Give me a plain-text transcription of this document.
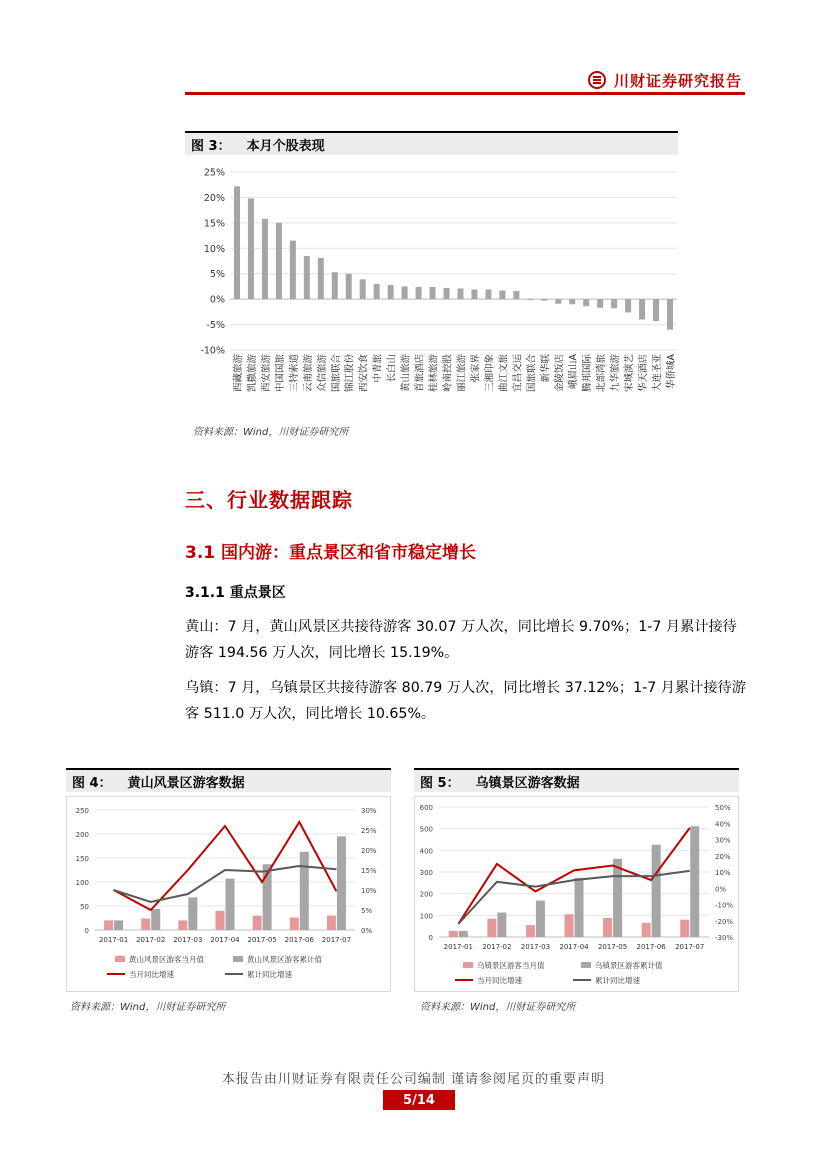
川财证券研究报告
图 3： 本月个股表现
25%
20%
15%
10%
5%
0%
-5%
-10%
西藏旅游 凯撒旅游 西安旅游 中国国旅 三特索道 云南旅游 众信旅游 国旅联合 锦江股份 西安饮食 中青旅 长白山 黄山旅游 首旅酒店 桂林旅游 岭南控股 丽江旅游 张家界 三湘印象 曲江文旅 宜昌交运 国旅联合 新华联 金陵饭店 峨眉山A 腾邦国际 北部湾旅 九华旅游 宋城演艺 华天酒店 大连圣亚 华侨城A
资料来源：Wind，川财证券研究所
三、行业数据跟踪
3.1 国内游：重点景区和省市稳定增长
3.1.1 重点景区
黄山：7 月，黄山风景区共接待游客 30.07 万人次，同比增长 9.70%；1-7 月累计接待游客 194.56 万人次，同比增长 15.19%。
乌镇：7 月，乌镇景区共接待游客 80.79 万人次，同比增长 37.12%；1-7 月累计接待游客 511.0 万人次，同比增长 10.65%。
图 4： 黄山风景区游客数据
250
200
150
100
50
0
30%
25%
20%
15%
10%
5%
0%
2017-01 2017-02 2017-03 2017-04 2017-05 2017-06 2017-07
黄山风景区游客当月值	黄山风景区游客累计值
当月同比增速	累计同比增速
资料来源：Wind，川财证券研究所
图 5： 乌镇景区游客数据
600
500
400
300
200
100
0
50%
40%
30%
20%
10%
0%
-10%
-20%
-30%
2017-01 2017-02 2017-03 2017-04 2017-05 2017-06 2017-07
乌镇景区游客当月值	乌镇景区游客累计值
当月同比增速	累计同比增速
资料来源：Wind，川财证券研究所
本报告由川财证券有限责任公司编制 谨请参阅尾页的重要声明
5/14
